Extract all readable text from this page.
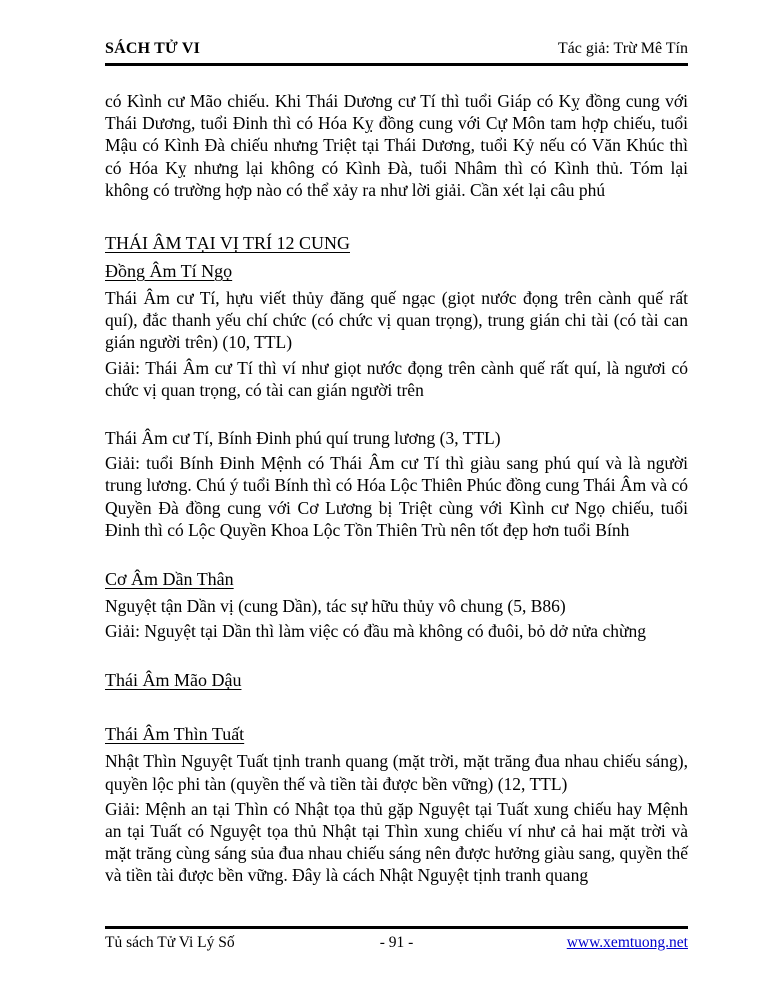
SÁCH TỬ VI	Tác giả: Trừ Mê Tín

có Kình cư Mão chiếu. Khi Thái Dương cư Tí thì tuổi Giáp có Kỵ đồng cung với Thái Dương, tuổi Đinh thì có Hóa Kỵ đồng cung với Cự Môn tam hợp chiếu, tuổi Mậu có Kình Đà chiếu nhưng Triệt tại Thái Dương, tuổi Kỷ nếu có Văn Khúc thì có Hóa Kỵ nhưng lại không có Kình Đà, tuổi Nhâm thì có Kình thủ. Tóm lại không có trường hợp nào có thể xảy ra như lời giải. Cần xét lại câu phú

THÁI ÂM TẠI VỊ TRÍ 12 CUNG
Đồng Âm Tí Ngọ

Thái Âm cư Tí, hựu viết thủy đăng quế ngạc (giọt nước đọng trên cành quế rất quí), đắc thanh yếu chí chức (có chức vị quan trọng), trung gián chi tài (có tài can gián người trên) (10, TTL)

Giải: Thái Âm cư Tí thì ví như giọt nước đọng trên cành quế rất quí, là ngươi có chức vị quan trọng, có tài can gián người trên

Thái Âm cư Tí, Bính Đinh phú quí trung lương (3, TTL)

Giải: tuổi Bính Đinh Mệnh có Thái Âm cư Tí thì giàu sang phú quí và là người trung lương. Chú ý tuổi Bính thì có Hóa Lộc Thiên Phúc đồng cung Thái Âm và có Quyền Đà đồng cung với Cơ Lương bị Triệt cùng với Kình cư Ngọ chiếu, tuổi Đinh thì có Lộc Quyền Khoa Lộc Tồn Thiên Trù nên tốt đẹp hơn tuổi Bính

Cơ Âm Dần Thân

Nguyệt tận Dần vị (cung Dần), tác sự hữu thủy vô chung (5, B86)

Giải: Nguyệt tại Dần thì làm việc có đầu mà không có đuôi, bỏ dở nửa chừng

Thái Âm Mão Dậu
Thái Âm Thìn Tuất

Nhật Thìn Nguyệt Tuất tịnh tranh quang (mặt trời, mặt trăng đua nhau chiếu sáng), quyền lộc phi tàn (quyền thế và tiền tài được bền vững) (12, TTL)

Giải: Mệnh an tại Thìn có Nhật tọa thủ gặp Nguyệt tại Tuất xung chiếu hay Mệnh an tại Tuất có Nguyệt tọa thủ Nhật tại Thìn xung chiếu ví như cả hai mặt trời và mặt trăng cùng sáng sủa đua nhau chiếu sáng nên được hưởng giàu sang, quyền thế và tiền tài được bền vững. Đây là cách Nhật Nguyệt tịnh tranh quang

Tủ sách Tử Vi Lý Số	- 91 -	www.xemtuong.net
